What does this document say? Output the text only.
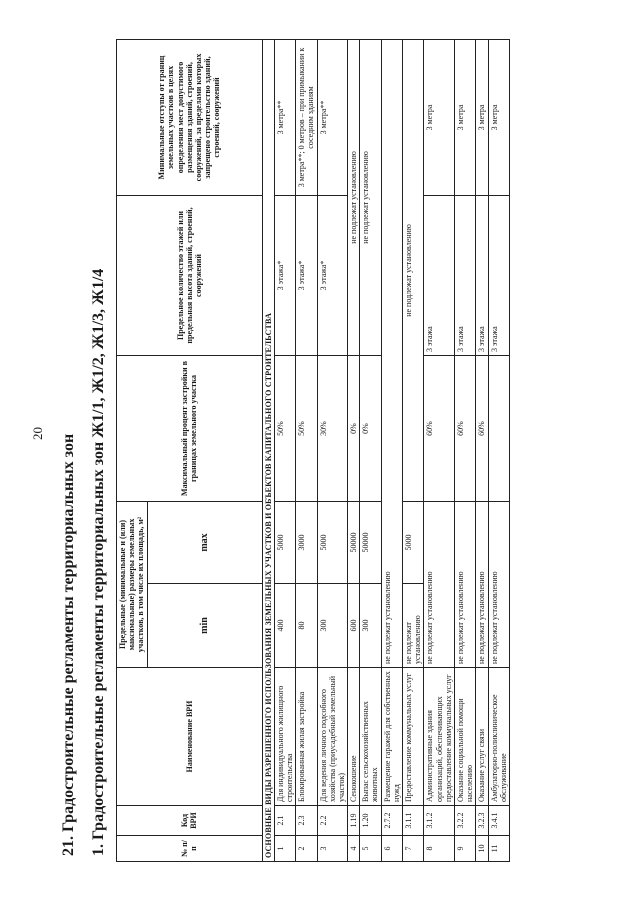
20
21. Градостроительные регламенты территориальных зон 1. Градостроительные регламенты территориальных зон Ж1/1, Ж1/2, Ж1/3, Ж1/4	№ п/п	Код ВРИ	Наименование ВРИ	Предельные (минимальные и (или) максимальные) размеры земельных участков, в том числе их площадь, м²		Максимальный процент застройки в границах земельного участка	Предельное количество этажей или предельная высота зданий, строений, сооружений	Минимальные отступы от границ земельных участков в целях определения мест допустимого размещения зданий, строений, сооружений, за пределами которых запрещено строительство зданий, строений, сооружений
			min	max			
ОСНОВНЫЕ ВИДЫ РАЗРЕШЕННОГО ИСПОЛЬЗОВАНИЯ ЗЕМЕЛЬНЫХ УЧАСТКОВ И ОБЪЕКТОВ КАПИТАЛЬНОГО СТРОИТЕЛЬСТВА							
1	2.1	Для индивидуального жилищного строительства	400	5000	50%	3 этажа*	3 метра**
2	2.3	Блокированная жилая застройка	80	3000	50%	3 этажа*	3 метра**; 0 метров – при примыкании к соседним зданиям
3	2.2	Для ведения личного подсобного хозяйства (приусадебный земельный участок)	300	5000	30%	3 этажа*	3 метра**
4	1.19	Сенокошение	600	50000	0%	не подлежат установлению	
5	1.20	Выпас сельскохозяйственных животных	300	50000	0%	не подлежат установлению	
6	2.7.2	Размещение гаражей для собственных нужд	не подлежат установлению				
7	3.1.1	Предоставление коммунальных услуг	не подлежат установлению	5000	не подлежат установлению		
8	3.1.2	Административные здания организаций, обеспечивающих предоставление коммунальных услуг	не подлежат установлению		60%	3 этажа	3 метра
9	3.2.2	Оказание социальной помощи населению	не подлежат установлению		60%	3 этажа	3 метра
10	3.2.3	Оказание услуг связи	не подлежат установлению		60%	3 этажа	3 метра
11	3.4.1	Амбулаторно-поликлиническое обслуживание	не подлежат установлению			3 этажа	3 метра
